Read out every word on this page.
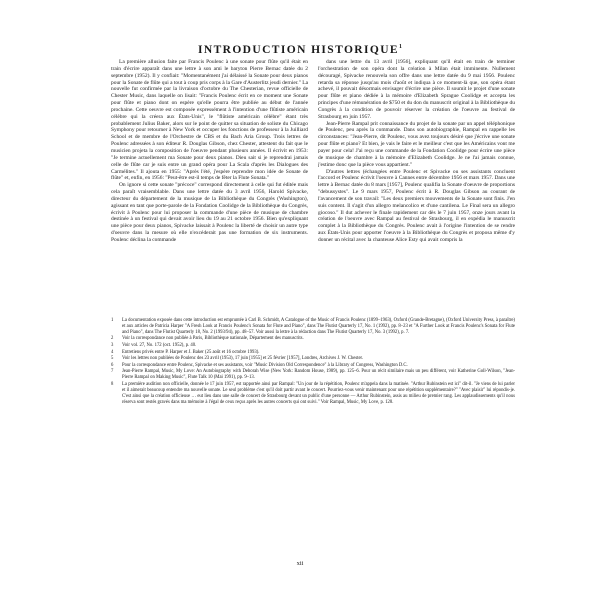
INTRODUCTION HISTORIQUE$^1$

La première allusion faite par Francis Poulenc à une sonate pour flûte qu'il était en train d'écrire apparaît dans une lettre à son ami le baryton Pierre Bernac datée du 2 septembre (1952). Il y confiait: "Momentanément j'ai délaissé la Sonate pour deux pianos pour la Sonate de flûte qui a tout à coup pris corps à la Gare d'Austerlitz jeudi dernier." La nouvelle fut confirmée par la livraison d'octobre du The Chesterian, revue officielle de Chester Music, dans laquelle on lisait: "Francis Poulenc écrit en ce moment une Sonate pour flûte et piano dont on espère qu'elle pourra être publiée au début de l'année prochaine. Cette oeuvre est composée expressément à l'intention d'une flûtiste américain célèbre qui la créera aux États-Unis", le "flûtiste américain célèbre" étant très probablement Julius Baker, alors sur le point de quitter sa situation de soliste du Chicago Symphony pour retourner à New York et occuper les fonctions de professeur à la Juilliard School et de membre de l'Orchestre de CBS et du Bach Aria Group. Trois lettres de Poulenc adressées à son éditeur R. Douglas Gibson, chez Chester, attestent du fait que le musicien projeta la composition de l'oeuvre pendant plusieurs années. Il écrivit en 1953: "Je termine actuellement ma Sonate pour deux pianos. Dieu sait si je reprendrai jamais celle de flûte car je suis entre un grand opéra pour La Scala d'après les Dialogues des Carmélites." Il ajouta en 1955: "Après l'été, j'espère reprendre mon idée de Sonate de flûte" et, enfin, en 1956: "Peut-être est-il temps de fêter la Flute Sonata."

On ignore si cette sonate "précoce" correspond directement à celle qui fut éditée mais cela paraît vraisemblable. Dans une lettre datée du 3 avril 1956, Harold Spivacke, directeur du département de la musique de la Bibliothèque du Congrès (Washington), agissant en tant que porte-parole de la Fondation Coolidge de la Bibliothèque du Congrès, écrivit à Poulenc pour lui proposer la commande d'une pièce de musique de chambre destinée à un festival qui devait avoir lieu du 19 au 21 octobre 1956. Bien qu'expliquant une pièce pour deux pianos, Spivacke laissait à Poulenc la liberté de choisir un autre type d'oeuvre dans la mesure où elle n'excéderait pas une formation de six instruments. Poulenc déclina la commande

dans une lettre du 13 avril [1956], expliquant qu'il était en train de terminer l'orchestration de son opéra dont la création à Milan était imminente. Nullement découragé, Spivacke renouvela son offre dans une lettre datée du 9 mai 1956. Poulenc retarda sa réponse jusqu'au mois d'août et indiqua à ce moment-là que, son opéra étant achevé, il pouvait désormais envisager d'écrire une pièce. Il soumit le projet d'une sonate pour flûte et piano dédiée à la mémoire d'Elizabeth Sprague Coolidge et accepta les principes d'une rémunération de $750 et du don du manuscrit original à la Bibliothèque du Congrès à la condition de pouvoir réserver la création de l'oeuvre au festival de Strasbourg en juin 1957.

Jean-Pierre Rampal prit connaissance du projet de la sonate par un appel téléphonique de Poulenc, peu après la commande. Dans son autobiographie, Rampal en rappelle les circonstances: "Jean-Pierre, dit Poulenc, vous avez toujours désiré que j'écrive une sonate pour flûte et piano? Et bien, je vais le faire et le meilleur c'est que les Américains vont me payer pour cela! J'ai reçu une commande de la Fondation Coolidge pour écrire une pièce de musique de chambre à la mémoire d'Elizabeth Coolidge. Je ne l'ai jamais connue, j'estime donc que la pièce vous appartient."

D'autres lettres (échangées entre Poulenc et Spivacke ou ses assistants concluent l'accord et Poulenc écrivit l'oeuvre à Cannes entre décembre 1956 et mars 1957. Dans une lettre à Bernac datée du 8 mars [1957], Poulenc qualifia la Sonate d'oeuvre de proportions "debussystes". Le 9 mars 1957, Poulenc écrit à R. Douglas Gibson au courant de l'avancement de son travail: "Les deux premiers mouvements de la Sonate sont finis. J'en suis content. Il s'agit d'un allegro melancolico et d'une cantilena. Le Final sera un allegro giocoso." Il dut achever le finale rapidement car dès le 7 juin 1957, onze jours avant la création de l'oeuvre avec Rampal au festival de Strasbourg, il en expédia le manuscrit complet à la Bibliothèque du Congrès. Poulenc avait à l'origine l'intention de se rendre aux États-Unis pour apporter l'oeuvre à la Bibliothèque du Congrès et proposa même d'y donner un récital avec la chanteuse Alice Esty qui avait compris la

1	La documentation exposée dans cette introduction est empruntée à Carl B. Schmidt, A Catalogue of the Music of Francis Poulenc (1899–1963), Oxford (Grande-Bretagne), (Oxford University Press, à paraître) et aux articles de Patricia Harper "A Fresh Look at Francis Poulenc's Sonata for Flute and Piano", dans The Flutist Quarterly 17, No. 1 (1992), pp. 8–23 et "A Further Look at Francis Poulenc's Sonata for Flute and Piano", dans The Flutist Quarterly 18, No. 2 (1993/94), pp. 48–57. Voir aussi la lettre à la rédaction dans The Flutist Quarterly 17, No. 3 (1992), p. 7.
2	Voir la correspondance non publiée à Paris, Bibliothèque nationale, Département des manuscrits.
3	Voir vol. 27, No. 172 (oct. 1952), p. 40.
4	Entretiens privés entre P. Harper et J. Baker (25 août et 16 octobre 1993).
5	Voir les lettres non publiées de Poulenc des 23 avril (1953), 17 juin [1955] et 25 février [1957], Londres, Archives J. W. Chester.
6	Pour la correspondance entre Poulenc, Spivacke et ses assistants, voir "Music Division Old Correspondence" à la Library of Congress, Washington D.C.
7	Jean-Pierre Rampal, Music, My Love: An Autobiography with Deborah Wise (New York: Random House, 1989), pp. 125–6. Pour un récit similaire mais un peu différent, voir Katherine Goll-Wilson, "Jean-Pierre Rampal on Making Music", Flute Talk 10 (Mai 1991), pp. 9–13.
8	La première audition non officielle, donnée le 17 juin 1957, est rapportée ainsi par Rampal: "Un jour de la répétition, Poulenc m'appela dans la matinée. "Arthur Rubinstein est ici" dit-il. "Je viens de lui parler et il aimerait beaucoup entendre ma nouvelle sonate. Le seul problème c'est qu'il doit partir avant le concert. Pourriez-vous venir maintenant pour une répétition supplémentaire?" "Avec plaisir" lui répondis-je. C'est ainsi que la création officieuse … eut lieu dans une salle de concert de Strasbourg devant un public d'une personne — Arthur Rubinstein, assis au milieu de premier rang. Les applaudissements qu'il nous réserva sont restés gravés dans ma mémoire à l'égal de ceux reçus après les autres concerts qui ont suivi." Voir Rampal, Music, My Love, p. 128.
xii
